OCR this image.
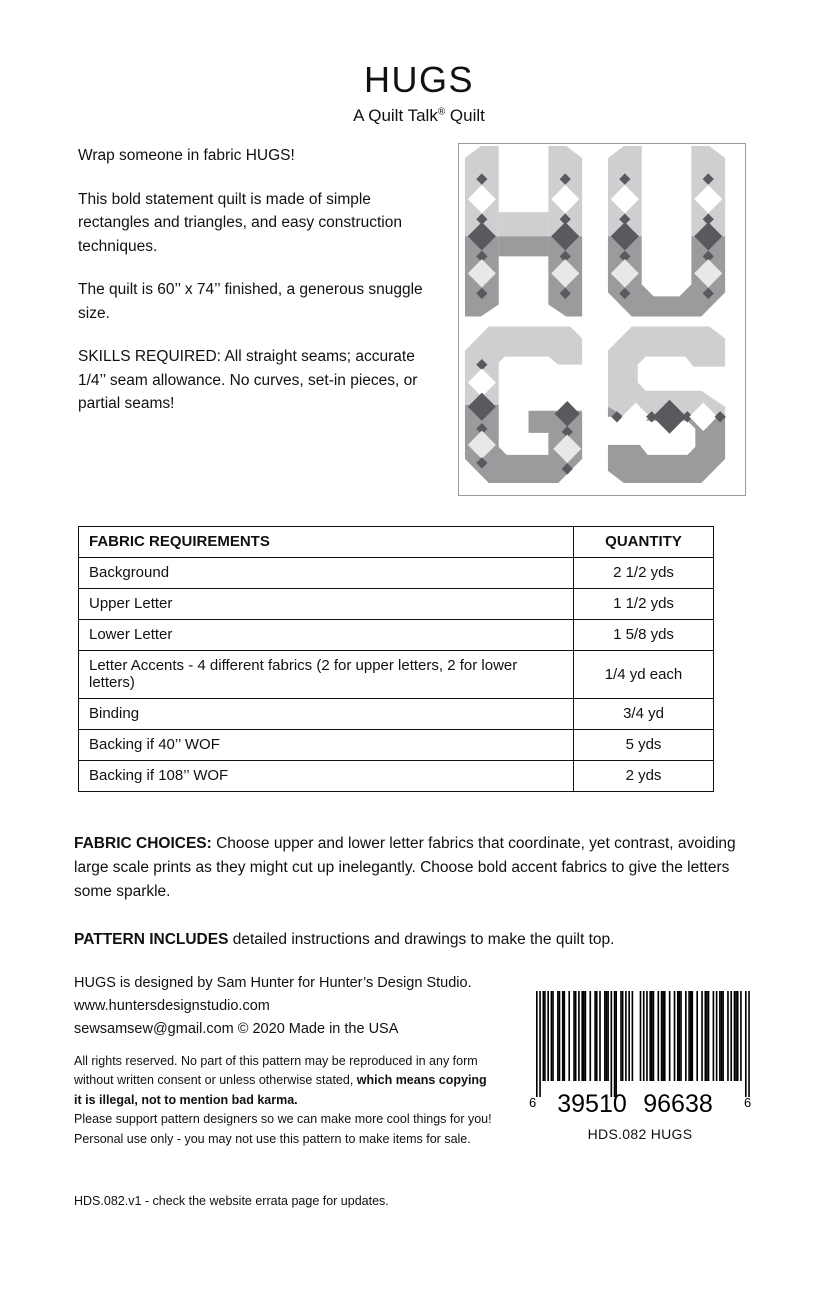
HUGS
A Quilt Talk® Quilt

Wrap someone in fabric HUGS!

This bold statement quilt is made of simple rectangles and triangles, and easy construction techniques.

The quilt is 60’’ x 74’’ finished, a generous snuggle size.

SKILLS REQUIRED: All straight seams; accurate 1/4’’ seam allowance. No curves, set-in pieces, or partial seams!

FABRIC REQUIREMENTS	QUANTITY
Background	2 1/2 yds
Upper Letter	1 1/2 yds
Lower Letter	1 5/8 yds
Letter Accents - 4 different fabrics (2 for upper letters, 2 for lower letters)	1/4 yd each
Binding	3/4 yd
Backing if 40’’ WOF	5 yds
Backing if 108’’ WOF	2 yds
FABRIC CHOICES: Choose upper and lower letter fabrics that coordinate, yet contrast, avoiding large scale prints as they might cut up inelegantly. Choose bold accent fabrics to give the letters some sparkle.
PATTERN INCLUDES detailed instructions and drawings to make the quilt top.
HUGS is designed by Sam Hunter for Hunter’s Design Studio.
www.huntersdesignstudio.com
sewsamsew@gmail.com © 2020 Made in the USA

All rights reserved. No part of this pattern may be reproduced in any form without written consent or unless otherwise stated, which means copying it is illegal, not to mention bad karma.

Please support pattern designers so we can make more cool things for you!

Personal use only - you may not use this pattern to make items for sale.

HDS.082.v1 - check the website errata page for updates.
6 39510 96638 6
HDS.082 HUGS
